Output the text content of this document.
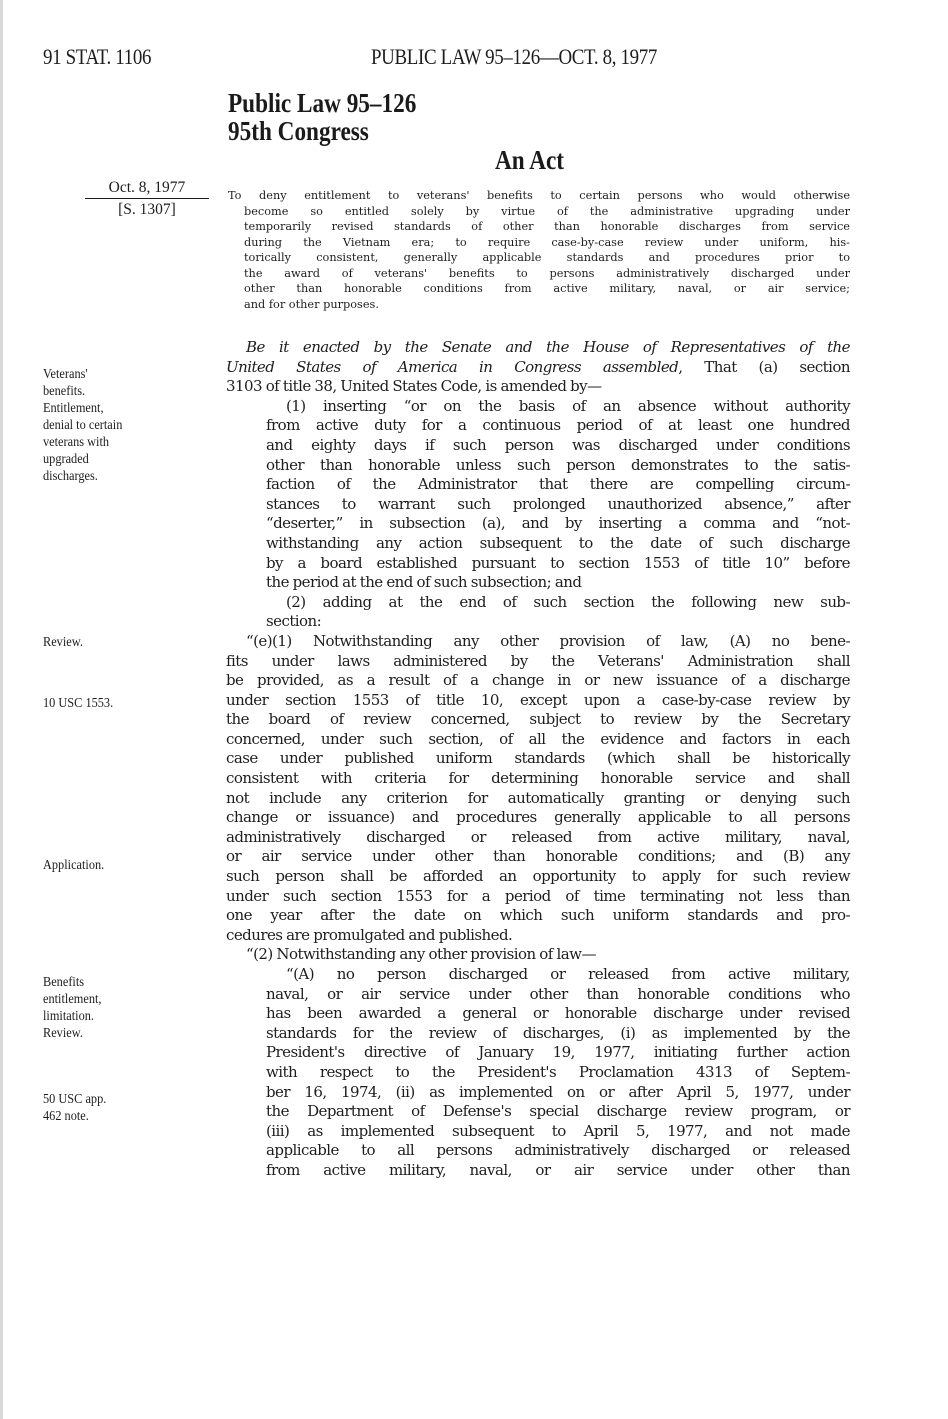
91 STAT. 1106	PUBLIC LAW 95–126—OCT. 8, 1977
Public Law 95–126
95th Congress
An Act
Oct. 8, 1977
[S. 1307]
To deny entitlement to veterans' benefits to certain persons who would otherwise
become so entitled solely by virtue of the administrative upgrading under
temporarily revised standards of other than honorable discharges from service
during the Vietnam era; to require case-by-case review under uniform, his-
torically consistent, generally applicable standards and procedures prior to
the award of veterans' benefits to persons administratively discharged under
other than honorable conditions from active military, naval, or air service;
and for other purposes.
Veterans'
benefits.
Entitlement,
denial to certain
veterans with
upgraded
discharges.
Review.
10 USC 1553.
Application.
Benefits
entitlement,
limitation.
Review.
50 USC app.
462 note.
Be it enacted by the Senate and the House of Representatives of the
United States of America in Congress assembled, That (a) section
3103 of title 38, United States Code, is amended by—
(1) inserting “or on the basis of an absence without authority
from active duty for a continuous period of at least one hundred
and eighty days if such person was discharged under conditions
other than honorable unless such person demonstrates to the satis-
faction of the Administrator that there are compelling circum-
stances to warrant such prolonged unauthorized absence,” after
“deserter,” in subsection (a), and by inserting a comma and “not-
withstanding any action subsequent to the date of such discharge
by a board established pursuant to section 1553 of title 10” before
the period at the end of such subsection; and
(2) adding at the end of such section the following new sub-
section:
“(e)(1) Notwithstanding any other provision of law, (A) no bene-
fits under laws administered by the Veterans' Administration shall
be provided, as a result of a change in or new issuance of a discharge
under section 1553 of title 10, except upon a case-by-case review by
the board of review concerned, subject to review by the Secretary
concerned, under such section, of all the evidence and factors in each
case under published uniform standards (which shall be historically
consistent with criteria for determining honorable service and shall
not include any criterion for automatically granting or denying such
change or issuance) and procedures generally applicable to all persons
administratively discharged or released from active military, naval,
or air service under other than honorable conditions; and (B) any
such person shall be afforded an opportunity to apply for such review
under such section 1553 for a period of time terminating not less than
one year after the date on which such uniform standards and pro-
cedures are promulgated and published.
“(2) Notwithstanding any other provision of law—
“(A) no person discharged or released from active military,
naval, or air service under other than honorable conditions who
has been awarded a general or honorable discharge under revised
standards for the review of discharges, (i) as implemented by the
President's directive of January 19, 1977, initiating further action
with respect to the President's Proclamation 4313 of Septem-
ber 16, 1974, (ii) as implemented on or after April 5, 1977, under
the Department of Defense's special discharge review program, or
(iii) as implemented subsequent to April 5, 1977, and not made
applicable to all persons administratively discharged or released
from active military, naval, or air service under other than
